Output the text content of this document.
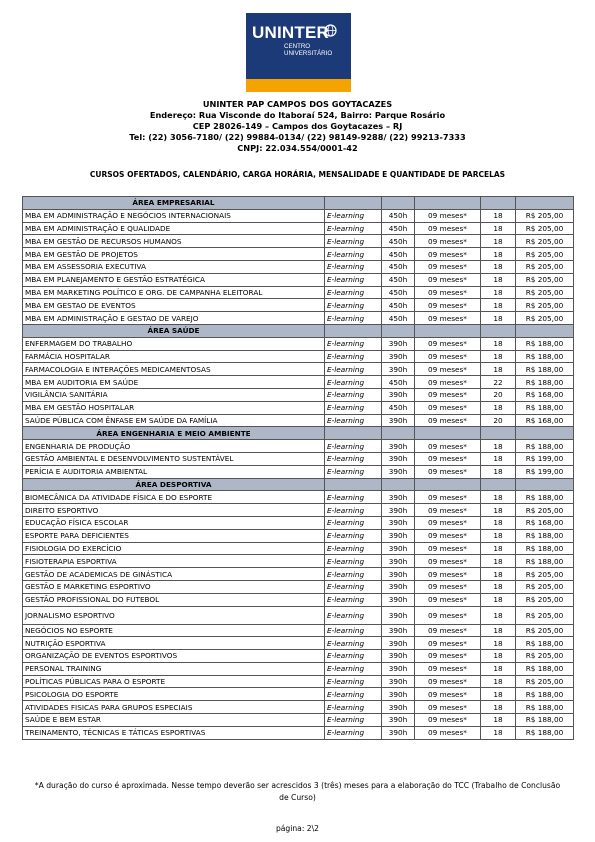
UNINTER
CENTRO
UNIVERSITÁRIO
UNINTER PAP CAMPOS DOS GOYTACAZES
Endereço: Rua Visconde do Itaboraí 524, Bairro: Parque Rosário
CEP 28026-149 – Campos dos Goytacazes – RJ
Tel: (22) 3056-7180/ (22) 99884-0134/ (22) 98149-9288/ (22) 99213-7333
CNPJ: 22.034.554/0001-42
CURSOS OFERTADOS, CALENDÁRIO, CARGA HORÁRIA, MENSALIDADE E QUANTIDADE DE PARCELAS
ÁREA EMPRESARIAL					
MBA EM ADMINISTRAÇÃO E NEGÓCIOS INTERNACIONAIS	E-learning	450h	09 meses*	18	R$ 205,00
MBA EM ADMINISTRAÇÃO E QUALIDADE	E-learning	450h	09 meses*	18	R$ 205,00
MBA EM GESTÃO DE RECURSOS HUMANOS	E-learning	450h	09 meses*	18	R$ 205,00
MBA EM GESTÃO DE PROJETOS	E-learning	450h	09 meses*	18	R$ 205,00
MBA EM ASSESSORIA EXECUTIVA	E-learning	450h	09 meses*	18	R$ 205,00
MBA EM PLANEJAMENTO E GESTÃO ESTRATÉGICA	E-learning	450h	09 meses*	18	R$ 205,00
MBA EM MARKETING POLÍTICO E ORG. DE CAMPANHA ELEITORAL	E-learning	450h	09 meses*	18	R$ 205,00
MBA EM GESTAO DE EVENTOS	E-learning	450h	09 meses*	18	R$ 205,00
MBA EM ADMINISTRAÇÃO E GESTAO DE VAREJO	E-learning	450h	09 meses*	18	R$ 205,00
ÁREA SAÚDE					
ENFERMAGEM DO TRABALHO	E-learning	390h	09 meses*	18	R$ 188,00
FARMÁCIA HOSPITALAR	E-learning	390h	09 meses*	18	R$ 188,00
FARMACOLOGIA E INTERAÇÕES MEDICAMENTOSAS	E-learning	390h	09 meses*	18	R$ 188,00
MBA EM AUDITORIA EM SAÚDE	E-learning	450h	09 meses*	22	R$ 188,00
VIGILÂNCIA SANITÁRIA	E-learning	390h	09 meses*	20	R$ 168,00
MBA EM GESTÃO HOSPITALAR	E-learning	450h	09 meses*	18	R$ 188,00
SAÚDE PÚBLICA COM ÊNFASE EM SAÚDE DA FAMÍLIA	E-learning	390h	09 meses*	20	R$ 168,00
ÁREA ENGENHARIA E MEIO AMBIENTE					
ENGENHARIA DE PRODUÇÃO	E-learning	390h	09 meses*	18	R$ 188,00
GESTÃO AMBIENTAL E DESENVOLVIMENTO SUSTENTÁVEL	E-learning	390h	09 meses*	18	R$ 199,00
PERÍCIA E AUDITORIA AMBIENTAL	E-learning	390h	09 meses*	18	R$ 199,00
ÁREA DESPORTIVA					
BIOMECÂNICA DA ATIVIDADE FÍSICA E DO ESPORTE	E-learning	390h	09 meses*	18	R$ 188,00
DIREITO ESPORTIVO	E-learning	390h	09 meses*	18	R$ 205,00
EDUCAÇÃO FÍSICA ESCOLAR	E-learning	390h	09 meses*	18	R$ 168,00
ESPORTE PARA DEFICIENTES	E-learning	390h	09 meses*	18	R$ 188,00
FISIOLOGIA DO EXERCÍCIO	E-learning	390h	09 meses*	18	R$ 188,00
FISIOTERAPIA ESPORTIVA	E-learning	390h	09 meses*	18	R$ 188,00
GESTÃO DE ACADEMICAS DE GINÁSTICA	E-learning	390h	09 meses*	18	R$ 205,00
GESTÃO E MARKETING ESPORTIVO	E-learning	390h	09 meses*	18	R$ 205,00
GESTÃO PROFISSIONAL DO FUTEBOL	E-learning	390h	09 meses*	18	R$ 205,00
JORNALISMO ESPORTIVO	E-learning	390h	09 meses*	18	R$ 205,00
NEGÓCIOS NO ESPORTE	E-learning	390h	09 meses*	18	R$ 205,00
NUTRIÇÃO ESPORTIVA	E-learning	390h	09 meses*	18	R$ 188,00
ORGANIZAÇÃO DE EVENTOS ESPORTIVOS	E-learning	390h	09 meses*	18	R$ 205,00
PERSONAL TRAINING	E-learning	390h	09 meses*	18	R$ 188,00
POLÍTICAS PÚBLICAS PARA O ESPORTE	E-learning	390h	09 meses*	18	R$ 205,00
PSICOLOGIA DO ESPORTE	E-learning	390h	09 meses*	18	R$ 188,00
ATIVIDADES FISICAS PARA GRUPOS ESPECIAIS	E-learning	390h	09 meses*	18	R$ 188,00
SAÚDE E BEM ESTAR	E-learning	390h	09 meses*	18	R$ 188,00
TREINAMENTO, TÉCNICAS E TÁTICAS ESPORTIVAS	E-learning	390h	09 meses*	18	R$ 188,00
*A duração do curso é aproximada. Nesse tempo deverão ser acrescidos 3 (três) meses para a elaboração do TCC (Trabalho de Conclusão
de Curso)
página: 2\2
